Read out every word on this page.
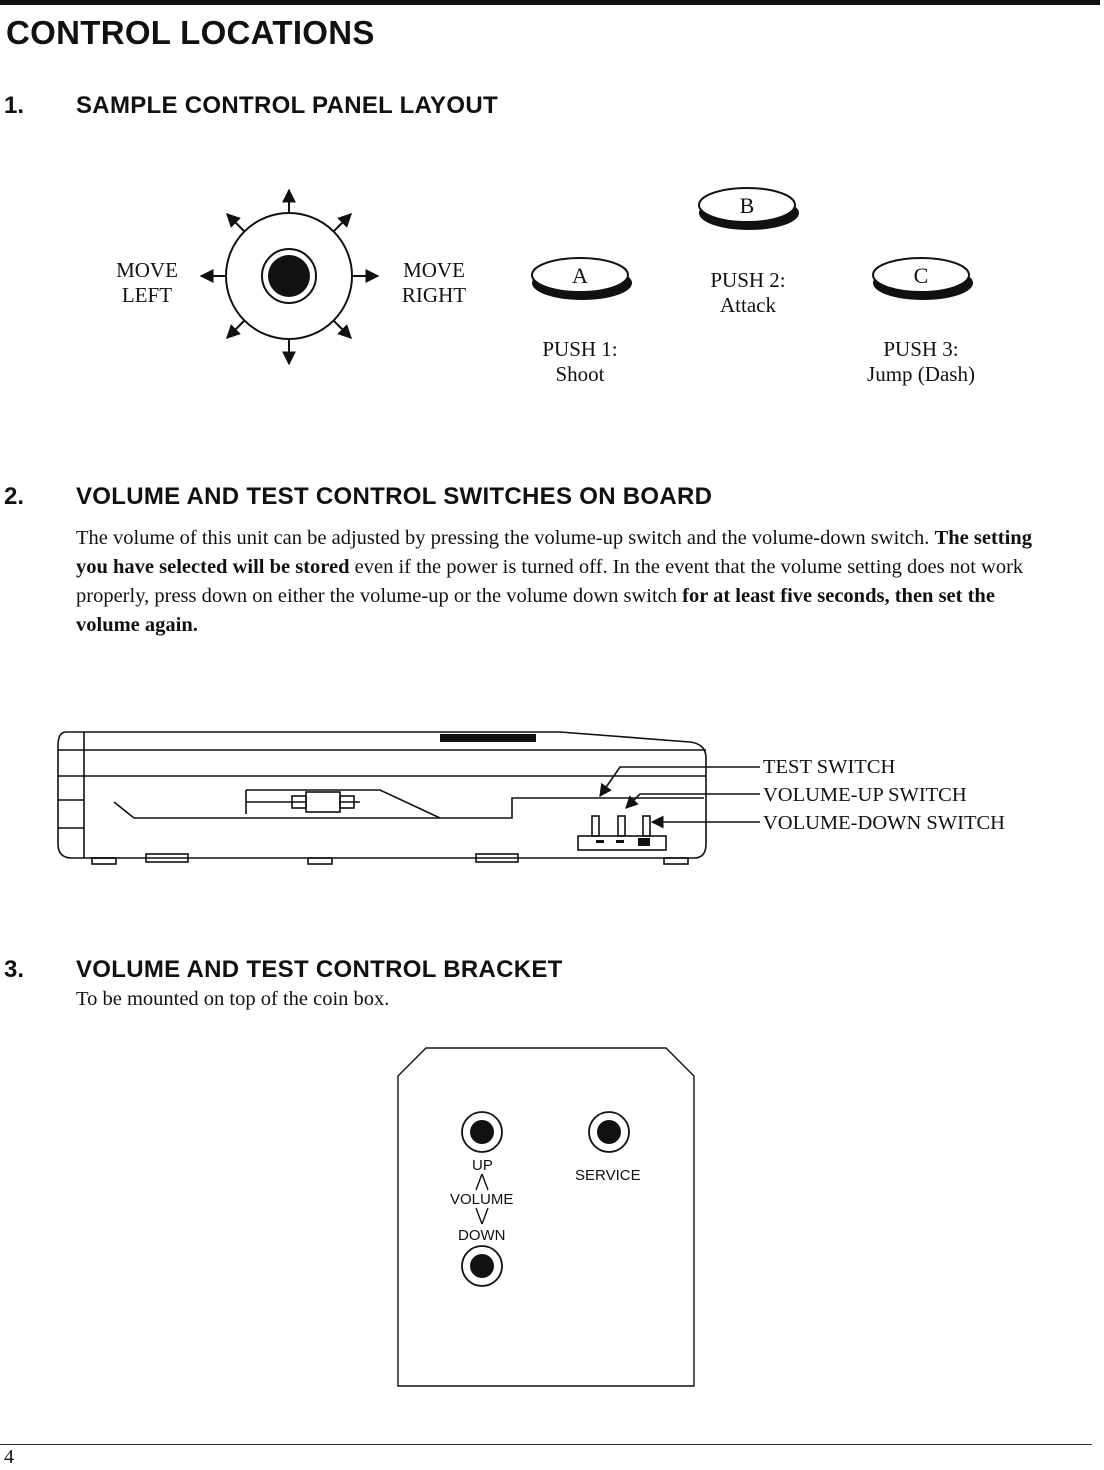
CONTROL LOCATIONS
1. SAMPLE CONTROL PANEL LAYOUT
A
B
C
MOVE
LEFT
MOVE
RIGHT
PUSH 1:
Shoot
PUSH 2:
Attack
PUSH 3:
Jump (Dash)
2. VOLUME AND TEST CONTROL SWITCHES ON BOARD
The volume of this unit can be adjusted by pressing the volume-up switch and the volume-down switch. The setting you have selected will be stored even if the power is turned off. In the event that the volume setting does not work properly, press down on either the volume-up or the volume down switch for at least five seconds, then set the volume again.
TEST SWITCH
VOLUME-UP SWITCH
VOLUME-DOWN SWITCH
3. VOLUME AND TEST CONTROL BRACKET
To be mounted on top of the coin box.
UP
VOLUME
DOWN
SERVICE
4
